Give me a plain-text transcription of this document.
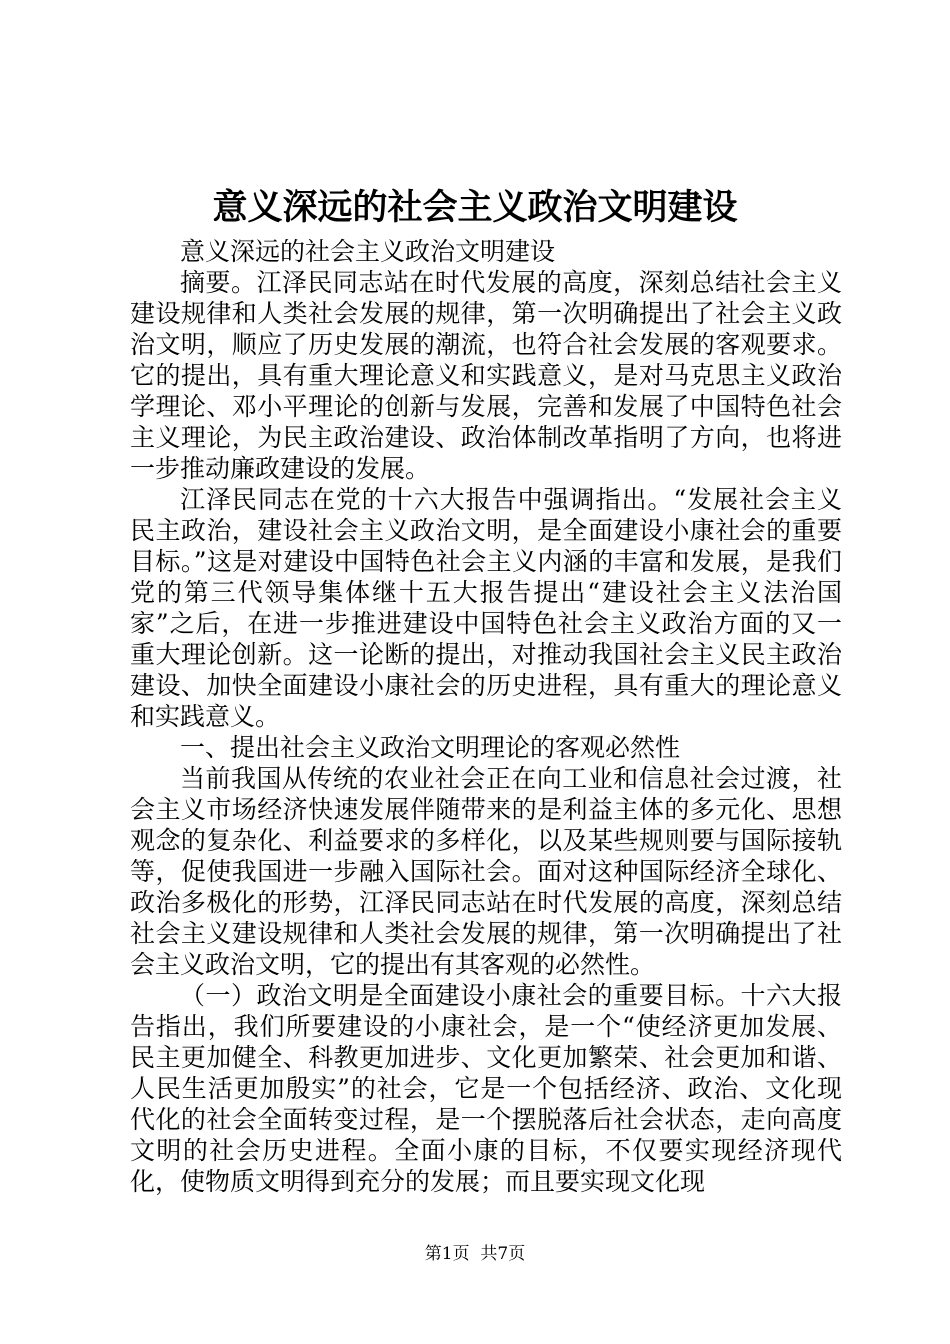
意义深远的社会主义政治文明建设

意义深远的社会主义政治文明建设

摘要。江泽民同志站在时代发展的高度，深刻总结社会主义建设规律和人类社会发展的规律，第一次明确提出了社会主义政治文明，顺应了历史发展的潮流，也符合社会发展的客观要求。它的提出，具有重大理论意义和实践意义，是对马克思主义政治学理论、邓小平理论的创新与发展，完善和发展了中国特色社会主义理论，为民主政治建设、政治体制改革指明了方向，也将进一步推动廉政建设的发展。

江泽民同志在党的十六大报告中强调指出。“发展社会主义民主政治，建设社会主义政治文明，是全面建设小康社会的重要目标。”这是对建设中国特色社会主义内涵的丰富和发展，是我们党的第三代领导集体继十五大报告提出“建设社会主义法治国家”之后，在进一步推进建设中国特色社会主义政治方面的又一重大理论创新。这一论断的提出，对推动我国社会主义民主政治建设、加快全面建设小康社会的历史进程，具有重大的理论意义和实践意义。

一、提出社会主义政治文明理论的客观必然性

当前我国从传统的农业社会正在向工业和信息社会过渡，社会主义市场经济快速发展伴随带来的是利益主体的多元化、思想观念的复杂化、利益要求的多样化，以及某些规则要与国际接轨等，促使我国进一步融入国际社会。面对这种国际经济全球化、政治多极化的形势，江泽民同志站在时代发展的高度，深刻总结社会主义建设规律和人类社会发展的规律，第一次明确提出了社会主义政治文明，它的提出有其客观的必然性。

（一）政治文明是全面建设小康社会的重要目标。十六大报告指出，我们所要建设的小康社会，是一个“使经济更加发展、民主更加健全、科教更加进步、文化更加繁荣、社会更加和谐、人民生活更加殷实”的社会，它是一个包括经济、政治、文化现代化的社会全面转变过程，是一个摆脱落后社会状态，走向高度文明的社会历史进程。全面小康的目标，不仅要实现经济现代化，使物质文明得到充分的发展；而且要实现文化现

第1页 共7页
